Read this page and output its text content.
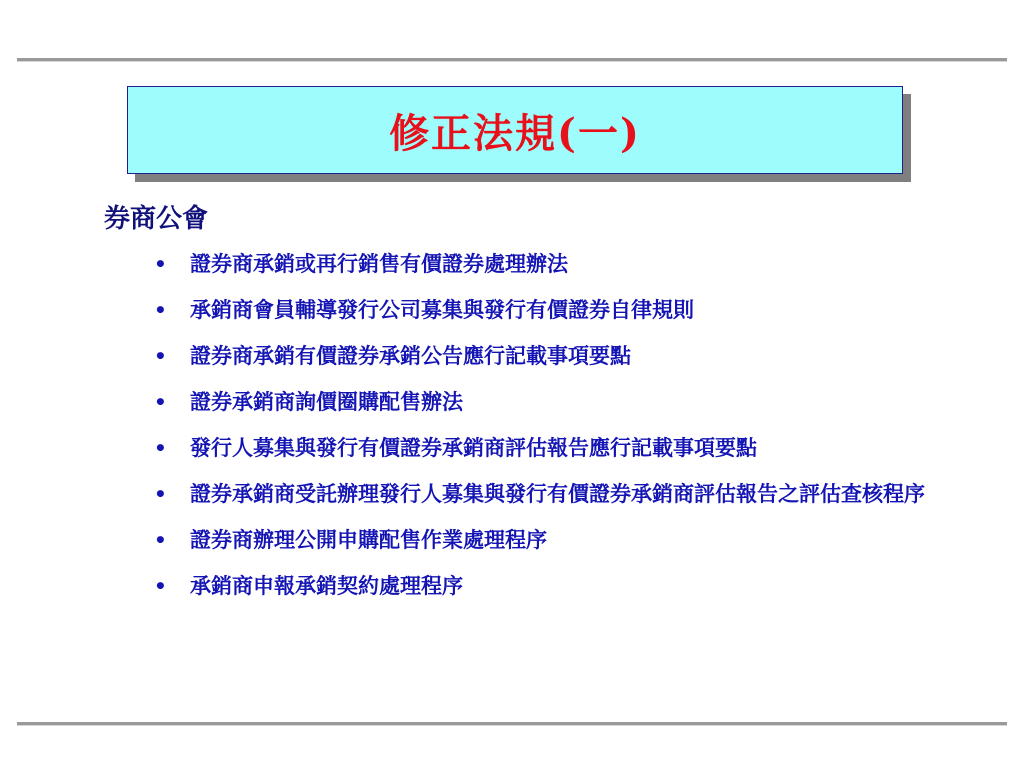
修正法規(一)
券商公會
• 證券商承銷或再行銷售有價證券處理辦法
• 承銷商會員輔導發行公司募集與發行有價證券自律規則
• 證券商承銷有價證券承銷公告應行記載事項要點
• 證券承銷商詢價圈購配售辦法
• 發行人募集與發行有價證券承銷商評估報告應行記載事項要點
• 證券承銷商受託辦理發行人募集與發行有價證券承銷商評估報告之評估查核程序
• 證券商辦理公開申購配售作業處理程序
• 承銷商申報承銷契約處理程序
